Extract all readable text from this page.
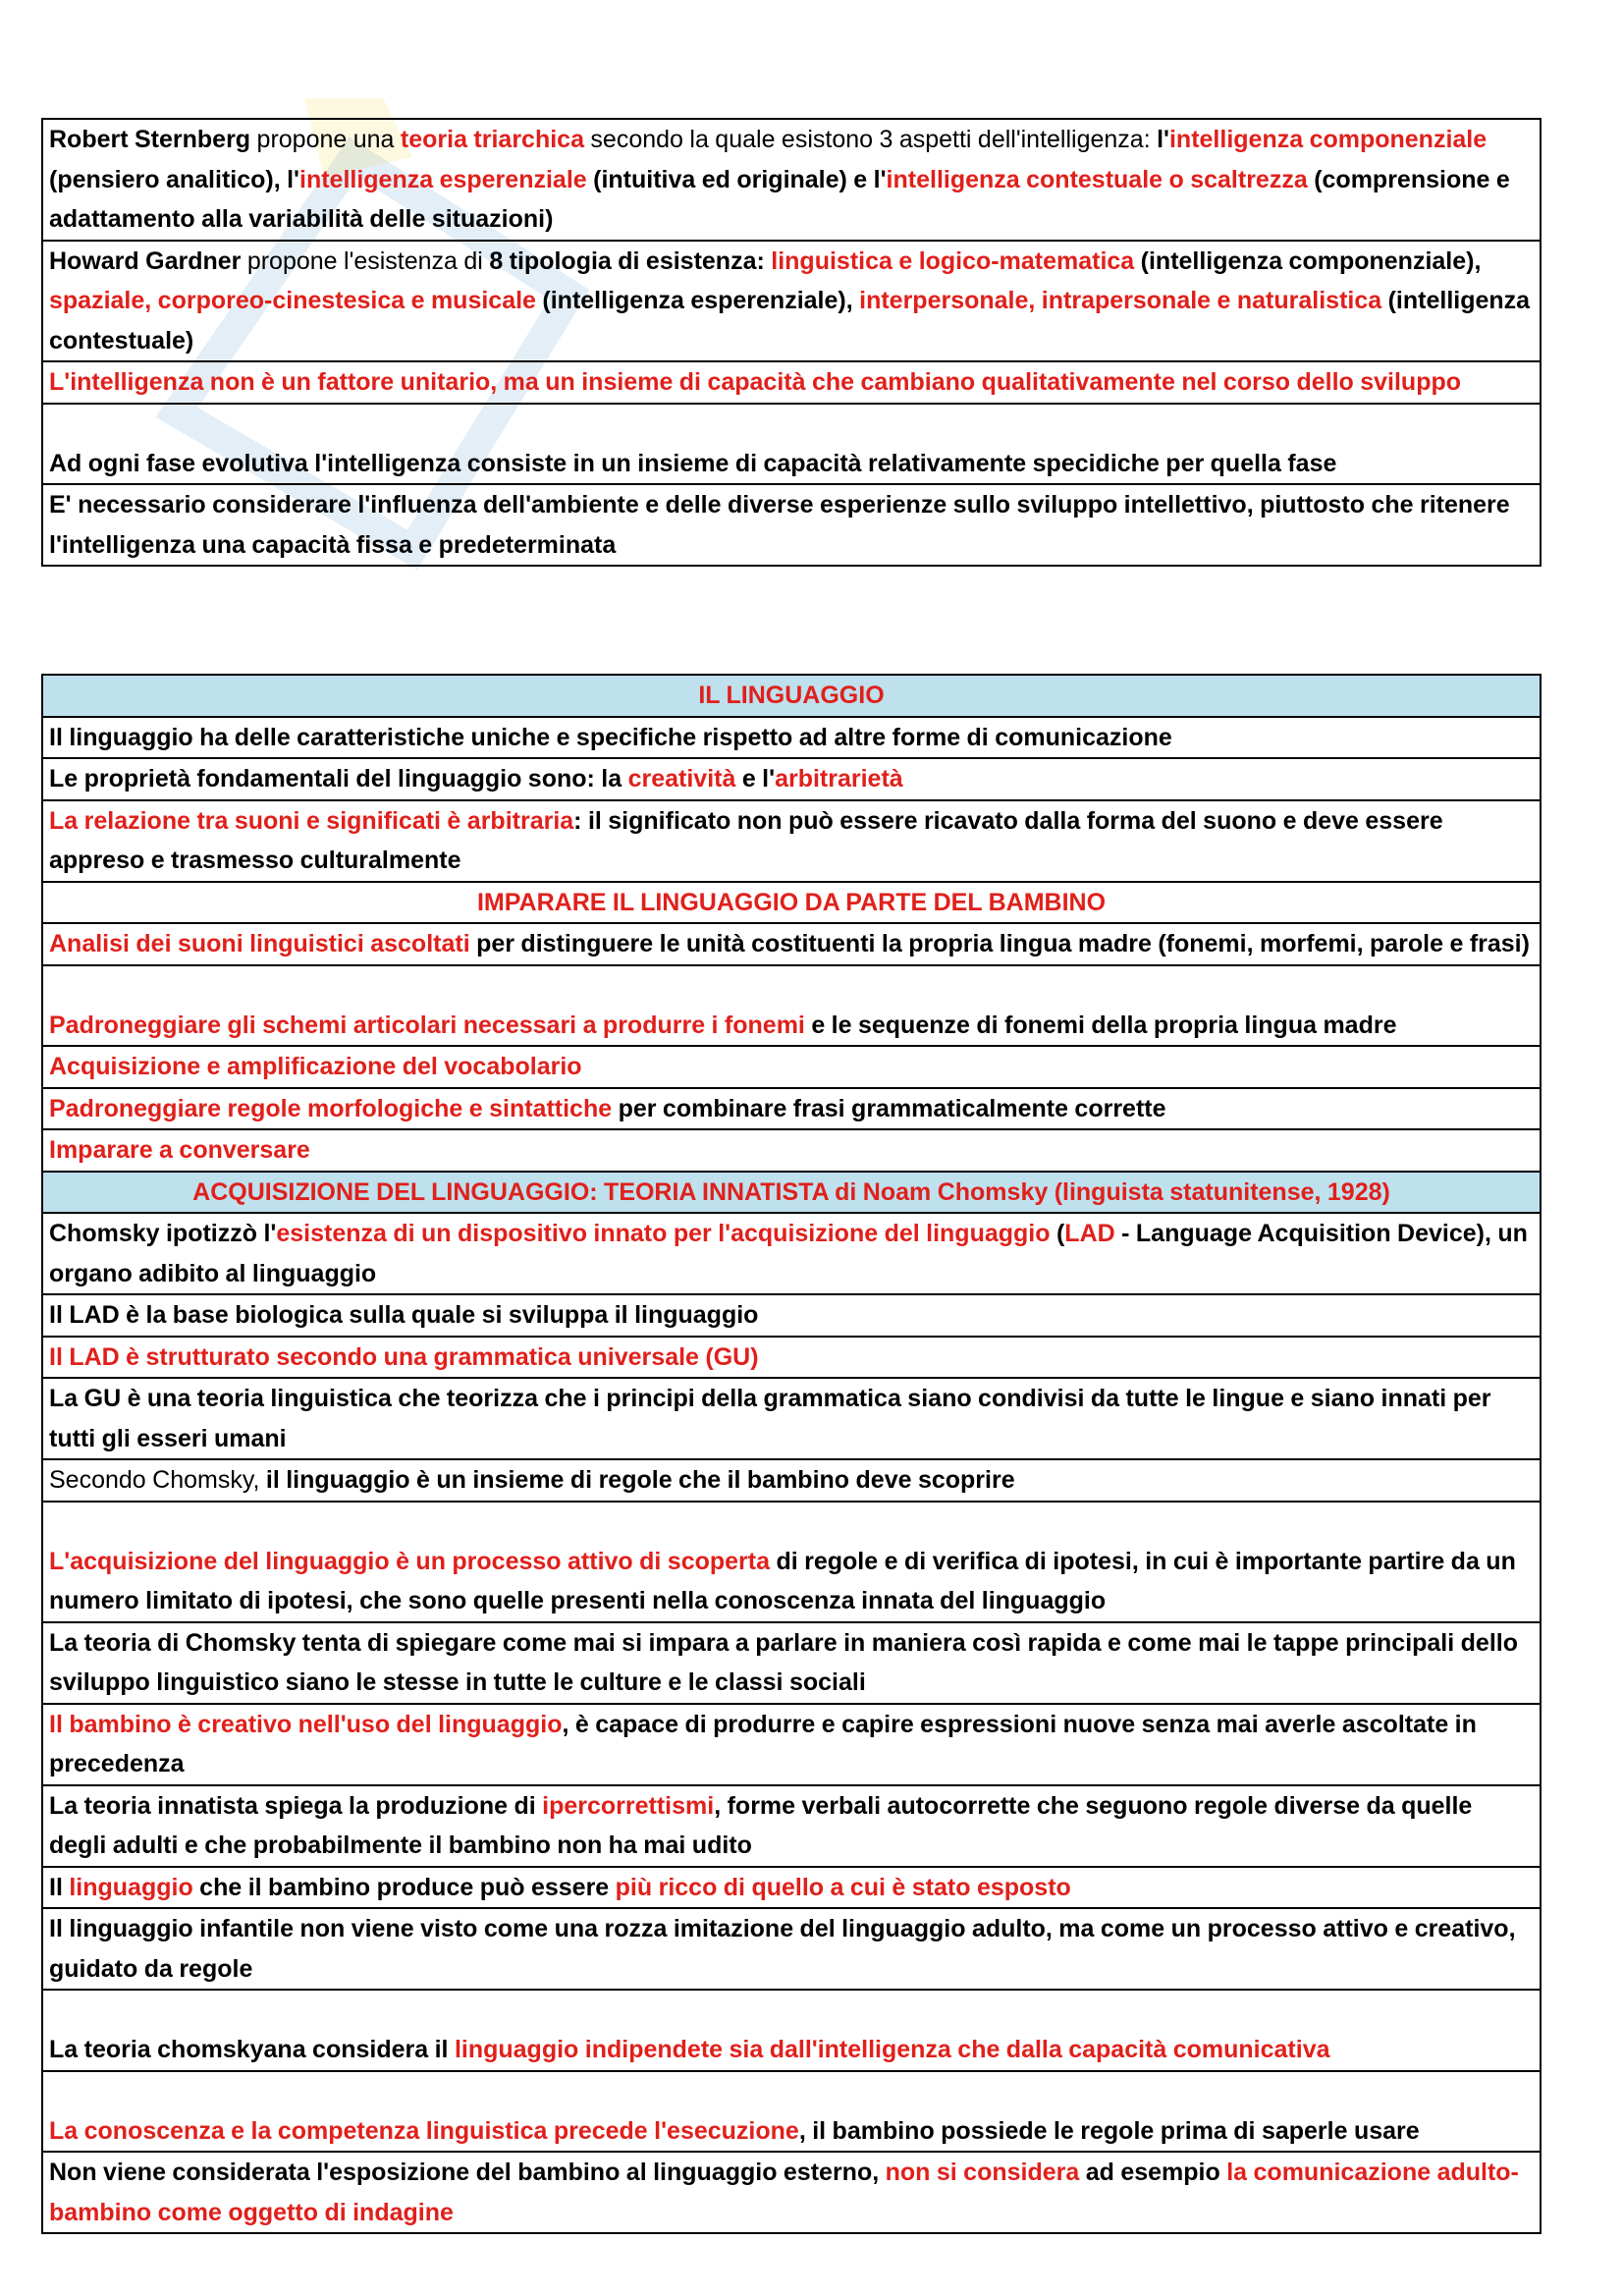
Robert Sternberg propone una teoria triarchica secondo la quale esistono 3 aspetti dell'intelligenza: l'intelligenza componenziale (pensiero analitico), l'intelligenza esperenziale (intuitiva ed originale) e l'intelligenza contestuale o scaltrezza (comprensione e adattamento alla variabilità delle situazioni)
Howard Gardner propone l'esistenza di 8 tipologia di esistenza: linguistica e logico-matematica (intelligenza componenziale), spaziale, corporeo-cinestesica e musicale (intelligenza esperenziale), interpersonale, intrapersonale e naturalistica (intelligenza contestuale)
L'intelligenza non è un fattore unitario, ma un insieme di capacità che cambiano qualitativamente nel corso dello sviluppo
Ad ogni fase evolutiva l'intelligenza consiste in un insieme di capacità relativamente specidiche per quella fase
E' necessario considerare l'influenza dell'ambiente e delle diverse esperienze sullo sviluppo intellettivo, piuttosto che ritenere l'intelligenza una capacità fissa e predeterminata
IL LINGUAGGIO
Il linguaggio ha delle caratteristiche uniche e specifiche rispetto ad altre forme di comunicazione
Le proprietà fondamentali del linguaggio sono: la creatività e l'arbitrarietà
La relazione tra suoni e significati è arbitraria: il significato non può essere ricavato dalla forma del suono e deve essere appreso e trasmesso culturalmente
IMPARARE IL LINGUAGGIO DA PARTE DEL BAMBINO
Analisi dei suoni linguistici ascoltati per distinguere le unità costituenti la propria lingua madre (fonemi, morfemi, parole e frasi)
Padroneggiare gli schemi articolari necessari a produrre i fonemi e le sequenze di fonemi della propria lingua madre
Acquisizione e amplificazione del vocabolario
Padroneggiare regole morfologiche e sintattiche per combinare frasi grammaticalmente corrette
Imparare a conversare
ACQUISIZIONE DEL LINGUAGGIO: TEORIA INNATISTA di Noam Chomsky (linguista statunitense, 1928)
Chomsky ipotizzò l'esistenza di un dispositivo innato per l'acquisizione del linguaggio (LAD - Language Acquisition Device), un organo adibito al linguaggio
Il LAD è la base biologica sulla quale si sviluppa il linguaggio
Il LAD è strutturato secondo una grammatica universale (GU)
La GU è una teoria linguistica che teorizza che i principi della grammatica siano condivisi da tutte le lingue e siano innati per tutti gli esseri umani
Secondo Chomsky, il linguaggio è un insieme di regole che il bambino deve scoprire
L'acquisizione del linguaggio è un processo attivo di scoperta di regole e di verifica di ipotesi, in cui è importante partire da un numero limitato di ipotesi, che sono quelle presenti nella conoscenza innata del linguaggio
La teoria di Chomsky tenta di spiegare come mai si impara a parlare in maniera così rapida e come mai le tappe principali dello sviluppo linguistico siano le stesse in tutte le culture e le classi sociali
Il bambino è creativo nell'uso del linguaggio, è capace di produrre e capire espressioni nuove senza mai averle ascoltate in precedenza
La teoria innatista spiega la produzione di ipercorrettismi, forme verbali autocorrette che seguono regole diverse da quelle degli adulti e che probabilmente il bambino non ha mai udito
Il linguaggio che il bambino produce può essere più ricco di quello a cui è stato esposto
Il linguaggio infantile non viene visto come una rozza imitazione del linguaggio adulto, ma come un processo attivo e creativo, guidato da regole
La teoria chomskyana considera il linguaggio indipendete sia dall'intelligenza che dalla capacità comunicativa
La conoscenza e la competenza linguistica precede l'esecuzione, il bambino possiede le regole prima di saperle usare
Non viene considerata l'esposizione del bambino al linguaggio esterno, non si considera ad esempio la comunicazione adulto-bambino come oggetto di indagine
